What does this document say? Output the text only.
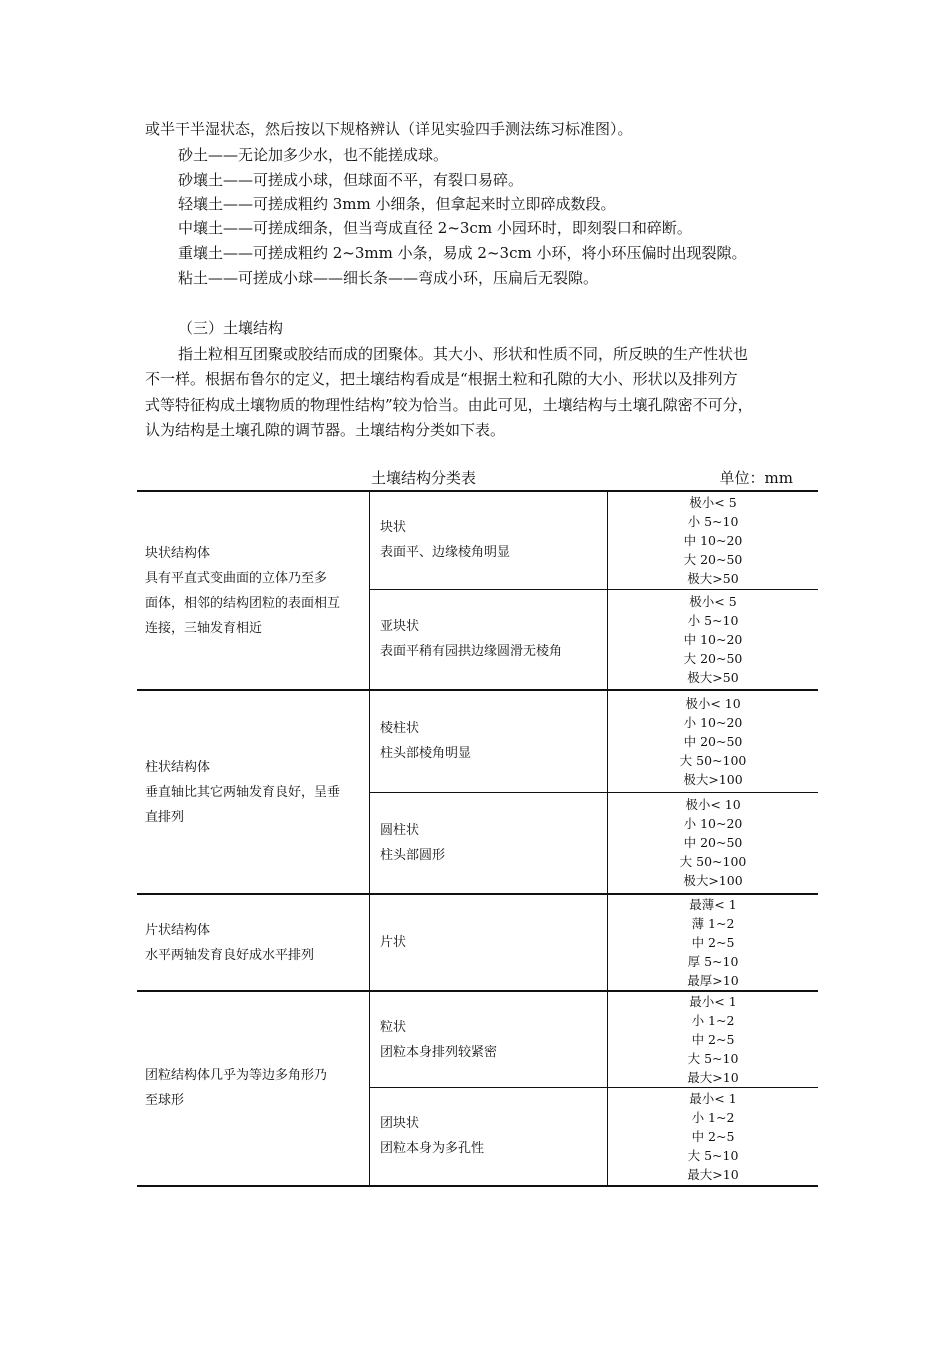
或半干半湿状态，然后按以下规格辨认（详见实验四手测法练习标准图）。
砂土——无论加多少水，也不能搓成球。
砂壤土——可搓成小球，但球面不平，有裂口易碎。
轻壤土——可搓成粗约 3mm 小细条，但拿起来时立即碎成数段。
中壤土——可搓成细条，但当弯成直径 2~3cm 小园环时，即刻裂口和碎断。
重壤土——可搓成粗约 2~3mm 小条，易成 2~3cm 小环，将小环压偏时出现裂隙。
粘土——可搓成小球——细长条——弯成小环，压扁后无裂隙。
（三）土壤结构
指土粒相互团聚或胶结而成的团聚体。其大小、形状和性质不同，所反映的生产性状也
不一样。根据布鲁尔的定义，把土壤结构看成是“根据土粒和孔隙的大小、形状以及排列方
式等特征构成土壤物质的物理性结构”较为恰当。由此可见，土壤结构与土壤孔隙密不可分，
认为结构是土壤孔隙的调节器。土壤结构分类如下表。
土壤结构分类表	单位：mm
块状结构体
具有平直式变曲面的立体乃至多
面体，相邻的结构团粒的表面相互
连接，三轴发育相近	块状
表面平、边缘棱角明显	极小< 5
小 5~10
中 10~20
大 20~50
极大>50

	亚块状
表面平稍有园拱边缘圆滑无棱角	极小< 5
小 5~10
中 10~20
大 20~50
极大>50

柱状结构体
垂直轴比其它两轴发育良好，呈垂
直排列	棱柱状
柱头部棱角明显	极小< 10
小 10~20
中 20~50
大 50~100
极大>100

	圆柱状
柱头部圆形	极小< 10
小 10~20
中 20~50
大 50~100
极大>100

片状结构体
水平两轴发育良好成水平排列	片状	最薄< 1
薄 1~2
中 2~5
厚 5~10
最厚>10

团粒结构体几乎为等边多角形乃
至球形	粒状
团粒本身排列较紧密	最小< 1
小 1~2
中 2~5
大 5~10
最大>10

	团块状
团粒本身为多孔性	最小< 1
小 1~2
中 2~5
大 5~10
最大>10
